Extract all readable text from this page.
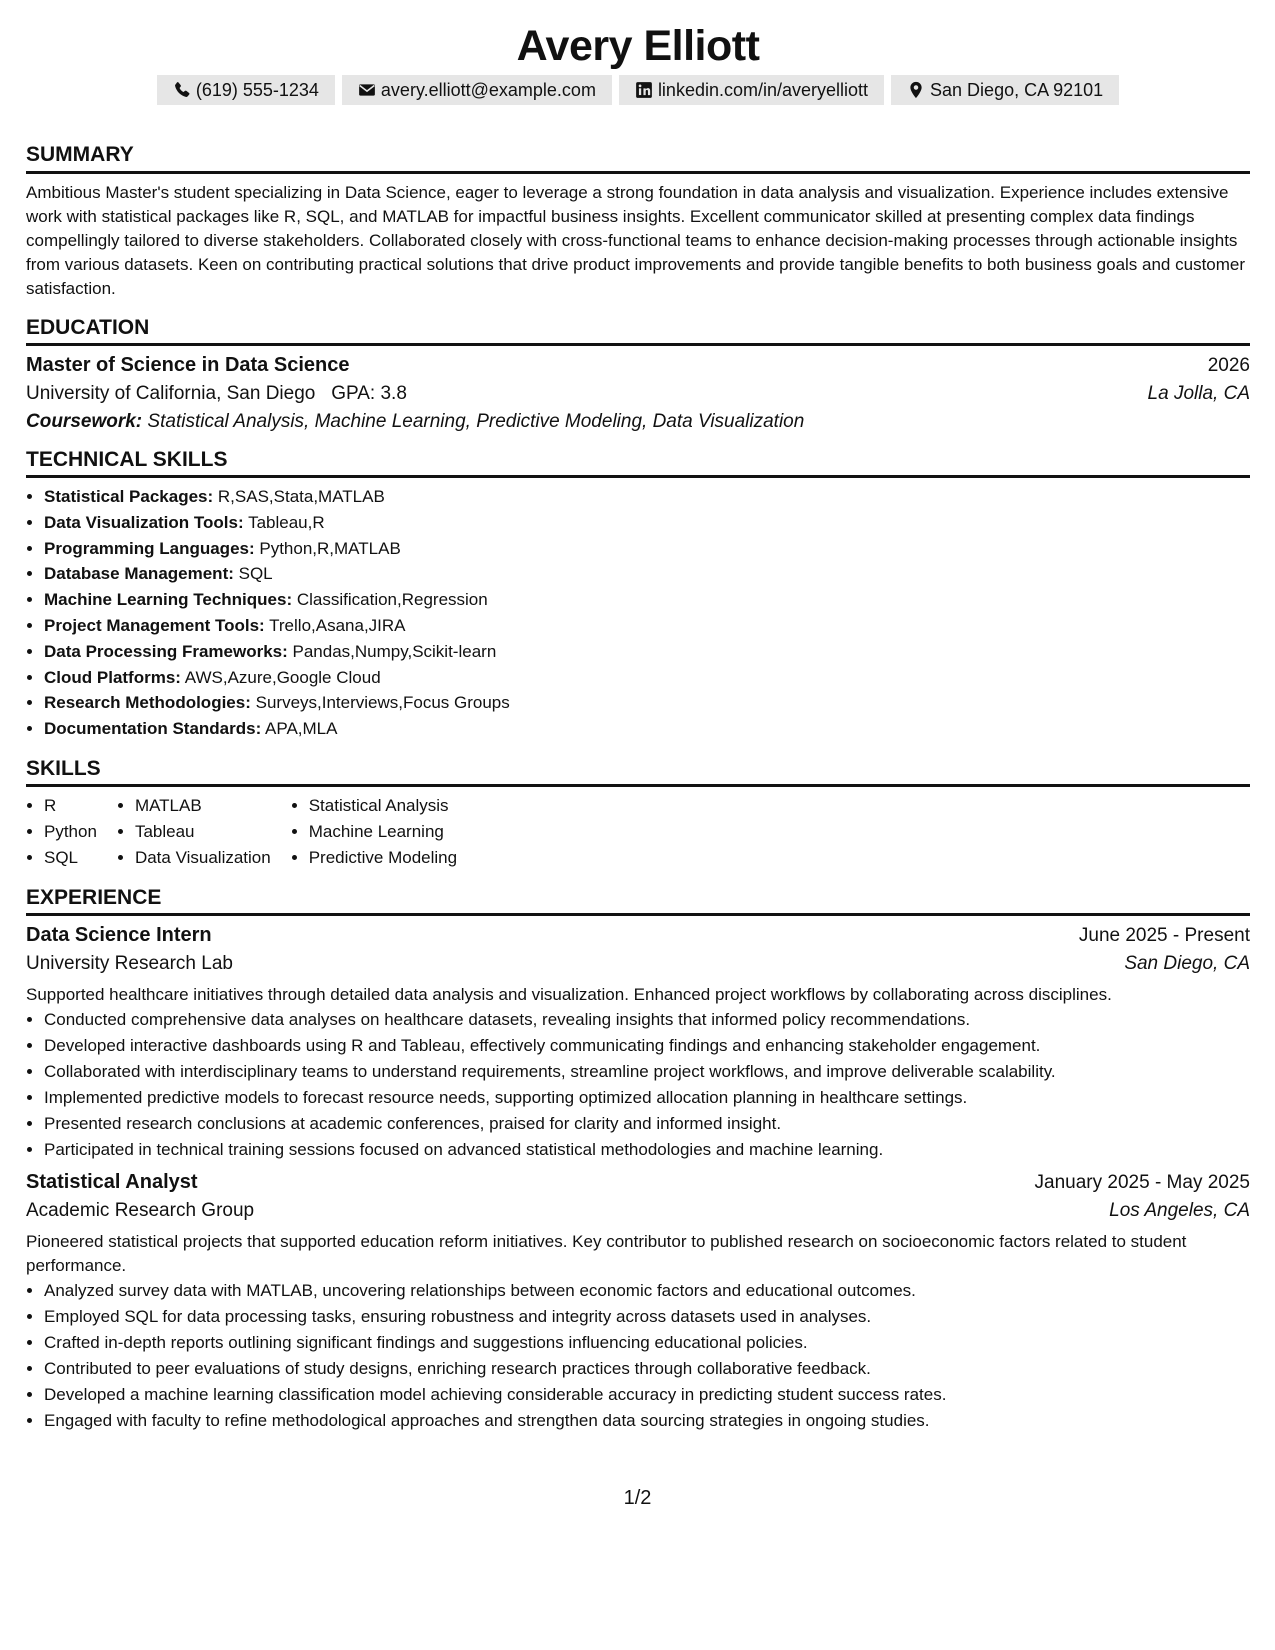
Avery Elliott
(619) 555-1234	avery.elliott@example.com	linkedin.com/in/averyelliott	San Diego, CA 92101
SUMMARY

Ambitious Master's student specializing in Data Science, eager to leverage a strong foundation in data analysis and visualization. Experience includes extensive work with statistical packages like R, SQL, and MATLAB for impactful business insights. Excellent communicator skilled at presenting complex data findings compellingly tailored to diverse stakeholders. Collaborated closely with cross-functional teams to enhance decision-making processes through actionable insights from various datasets. Keen on contributing practical solutions that drive product improvements and provide tangible benefits to both business goals and customer satisfaction.

EDUCATION
Master of Science in Data Science	2026
University of California, San Diego GPA: 3.8	La Jolla, CA
Coursework: Statistical Analysis, Machine Learning, Predictive Modeling, Data Visualization
TECHNICAL SKILLS
• Statistical Packages: R,SAS,Stata,MATLAB
• Data Visualization Tools: Tableau,R
• Programming Languages: Python,R,MATLAB
• Database Management: SQL
• Machine Learning Techniques: Classification,Regression
• Project Management Tools: Trello,Asana,JIRA
• Data Processing Frameworks: Pandas,Numpy,Scikit-learn
• Cloud Platforms: AWS,Azure,Google Cloud
• Research Methodologies: Surveys,Interviews,Focus Groups
• Documentation Standards: APA,MLA
SKILLS
• R
• Python
• SQL
• MATLAB
• Tableau
• Data Visualization
• Statistical Analysis
• Machine Learning
• Predictive Modeling
EXPERIENCE
Data Science Intern	June 2025 - Present
University Research Lab	San Diego, CA
Supported healthcare initiatives through detailed data analysis and visualization. Enhanced project workflows by collaborating across disciplines.
• Conducted comprehensive data analyses on healthcare datasets, revealing insights that informed policy recommendations.
• Developed interactive dashboards using R and Tableau, effectively communicating findings and enhancing stakeholder engagement.
• Collaborated with interdisciplinary teams to understand requirements, streamline project workflows, and improve deliverable scalability.
• Implemented predictive models to forecast resource needs, supporting optimized allocation planning in healthcare settings.
• Presented research conclusions at academic conferences, praised for clarity and informed insight.
• Participated in technical training sessions focused on advanced statistical methodologies and machine learning.
Statistical Analyst	January 2025 - May 2025
Academic Research Group	Los Angeles, CA
Pioneered statistical projects that supported education reform initiatives. Key contributor to published research on socioeconomic factors related to student performance.
• Analyzed survey data with MATLAB, uncovering relationships between economic factors and educational outcomes.
• Employed SQL for data processing tasks, ensuring robustness and integrity across datasets used in analyses.
• Crafted in-depth reports outlining significant findings and suggestions influencing educational policies.
• Contributed to peer evaluations of study designs, enriching research practices through collaborative feedback.
• Developed a machine learning classification model achieving considerable accuracy in predicting student success rates.
• Engaged with faculty to refine methodological approaches and strengthen data sourcing strategies in ongoing studies.
1/2
